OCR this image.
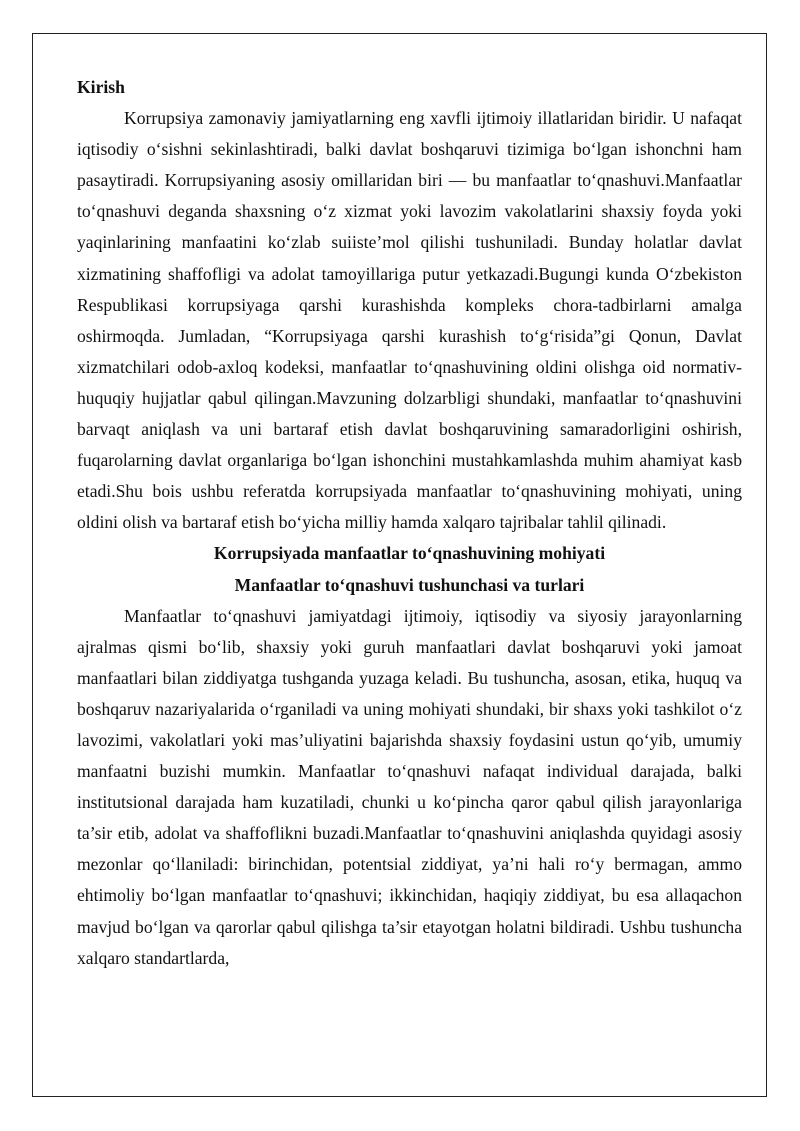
Kirish

Korrupsiya zamonaviy jamiyatlarning eng xavfli ijtimoiy illatlaridan biridir. U nafaqat iqtisodiy o‘sishni sekinlashtiradi, balki davlat boshqaruvi tizimiga bo‘lgan ishonchni ham pasaytiradi. Korrupsiyaning asosiy omillaridan biri — bu manfaatlar to‘qnashuvi.Manfaatlar to‘qnashuvi deganda shaxsning o‘z xizmat yoki lavozim vakolatlarini shaxsiy foyda yoki yaqinlarining manfaatini ko‘zlab suiiste’mol qilishi tushuniladi. Bunday holatlar davlat xizmatining shaffofligi va adolat tamoyillariga putur yetkazadi.Bugungi kunda O‘zbekiston Respublikasi korrupsiyaga qarshi kurashishda kompleks chora-tadbirlarni amalga oshirmoqda. Jumladan, “Korrupsiyaga qarshi kurashish to‘g‘risida”gi Qonun, Davlat xizmatchilari odob-axloq kodeksi, manfaatlar to‘qnashuvining oldini olishga oid normativ-huquqiy hujjatlar qabul qilingan.Mavzuning dolzarbligi shundaki, manfaatlar to‘qnashuvini barvaqt aniqlash va uni bartaraf etish davlat boshqaruvining samaradorligini oshirish, fuqarolarning davlat organlariga bo‘lgan ishonchini mustahkamlashda muhim ahamiyat kasb etadi.Shu bois ushbu referatda korrupsiyada manfaatlar to‘qnashuvining mohiyati, uning oldini olish va bartaraf etish bo‘yicha milliy hamda xalqaro tajribalar tahlil qilinadi.

Korrupsiyada manfaatlar to‘qnashuvining mohiyati

Manfaatlar to‘qnashuvi tushunchasi va turlari

Manfaatlar to‘qnashuvi jamiyatdagi ijtimoiy, iqtisodiy va siyosiy jarayonlarning ajralmas qismi bo‘lib, shaxsiy yoki guruh manfaatlari davlat boshqaruvi yoki jamoat manfaatlari bilan ziddiyatga tushganda yuzaga keladi. Bu tushuncha, asosan, etika, huquq va boshqaruv nazariyalarida o‘rganiladi va uning mohiyati shundaki, bir shaxs yoki tashkilot o‘z lavozimi, vakolatlari yoki mas’uliyatini bajarishda shaxsiy foydasini ustun qo‘yib, umumiy manfaatni buzishi mumkin. Manfaatlar to‘qnashuvi nafaqat individual darajada, balki institutsional darajada ham kuzatiladi, chunki u ko‘pincha qaror qabul qilish jarayonlariga ta’sir etib, adolat va shaffoflikni buzadi.Manfaatlar to‘qnashuvini aniqlashda quyidagi asosiy mezonlar qo‘llaniladi: birinchidan, potentsial ziddiyat, ya’ni hali ro‘y bermagan, ammo ehtimoliy bo‘lgan manfaatlar to‘qnashuvi; ikkinchidan, haqiqiy ziddiyat, bu esa allaqachon mavjud bo‘lgan va qarorlar qabul qilishga ta’sir etayotgan holatni bildiradi. Ushbu tushuncha xalqaro standartlarda,
